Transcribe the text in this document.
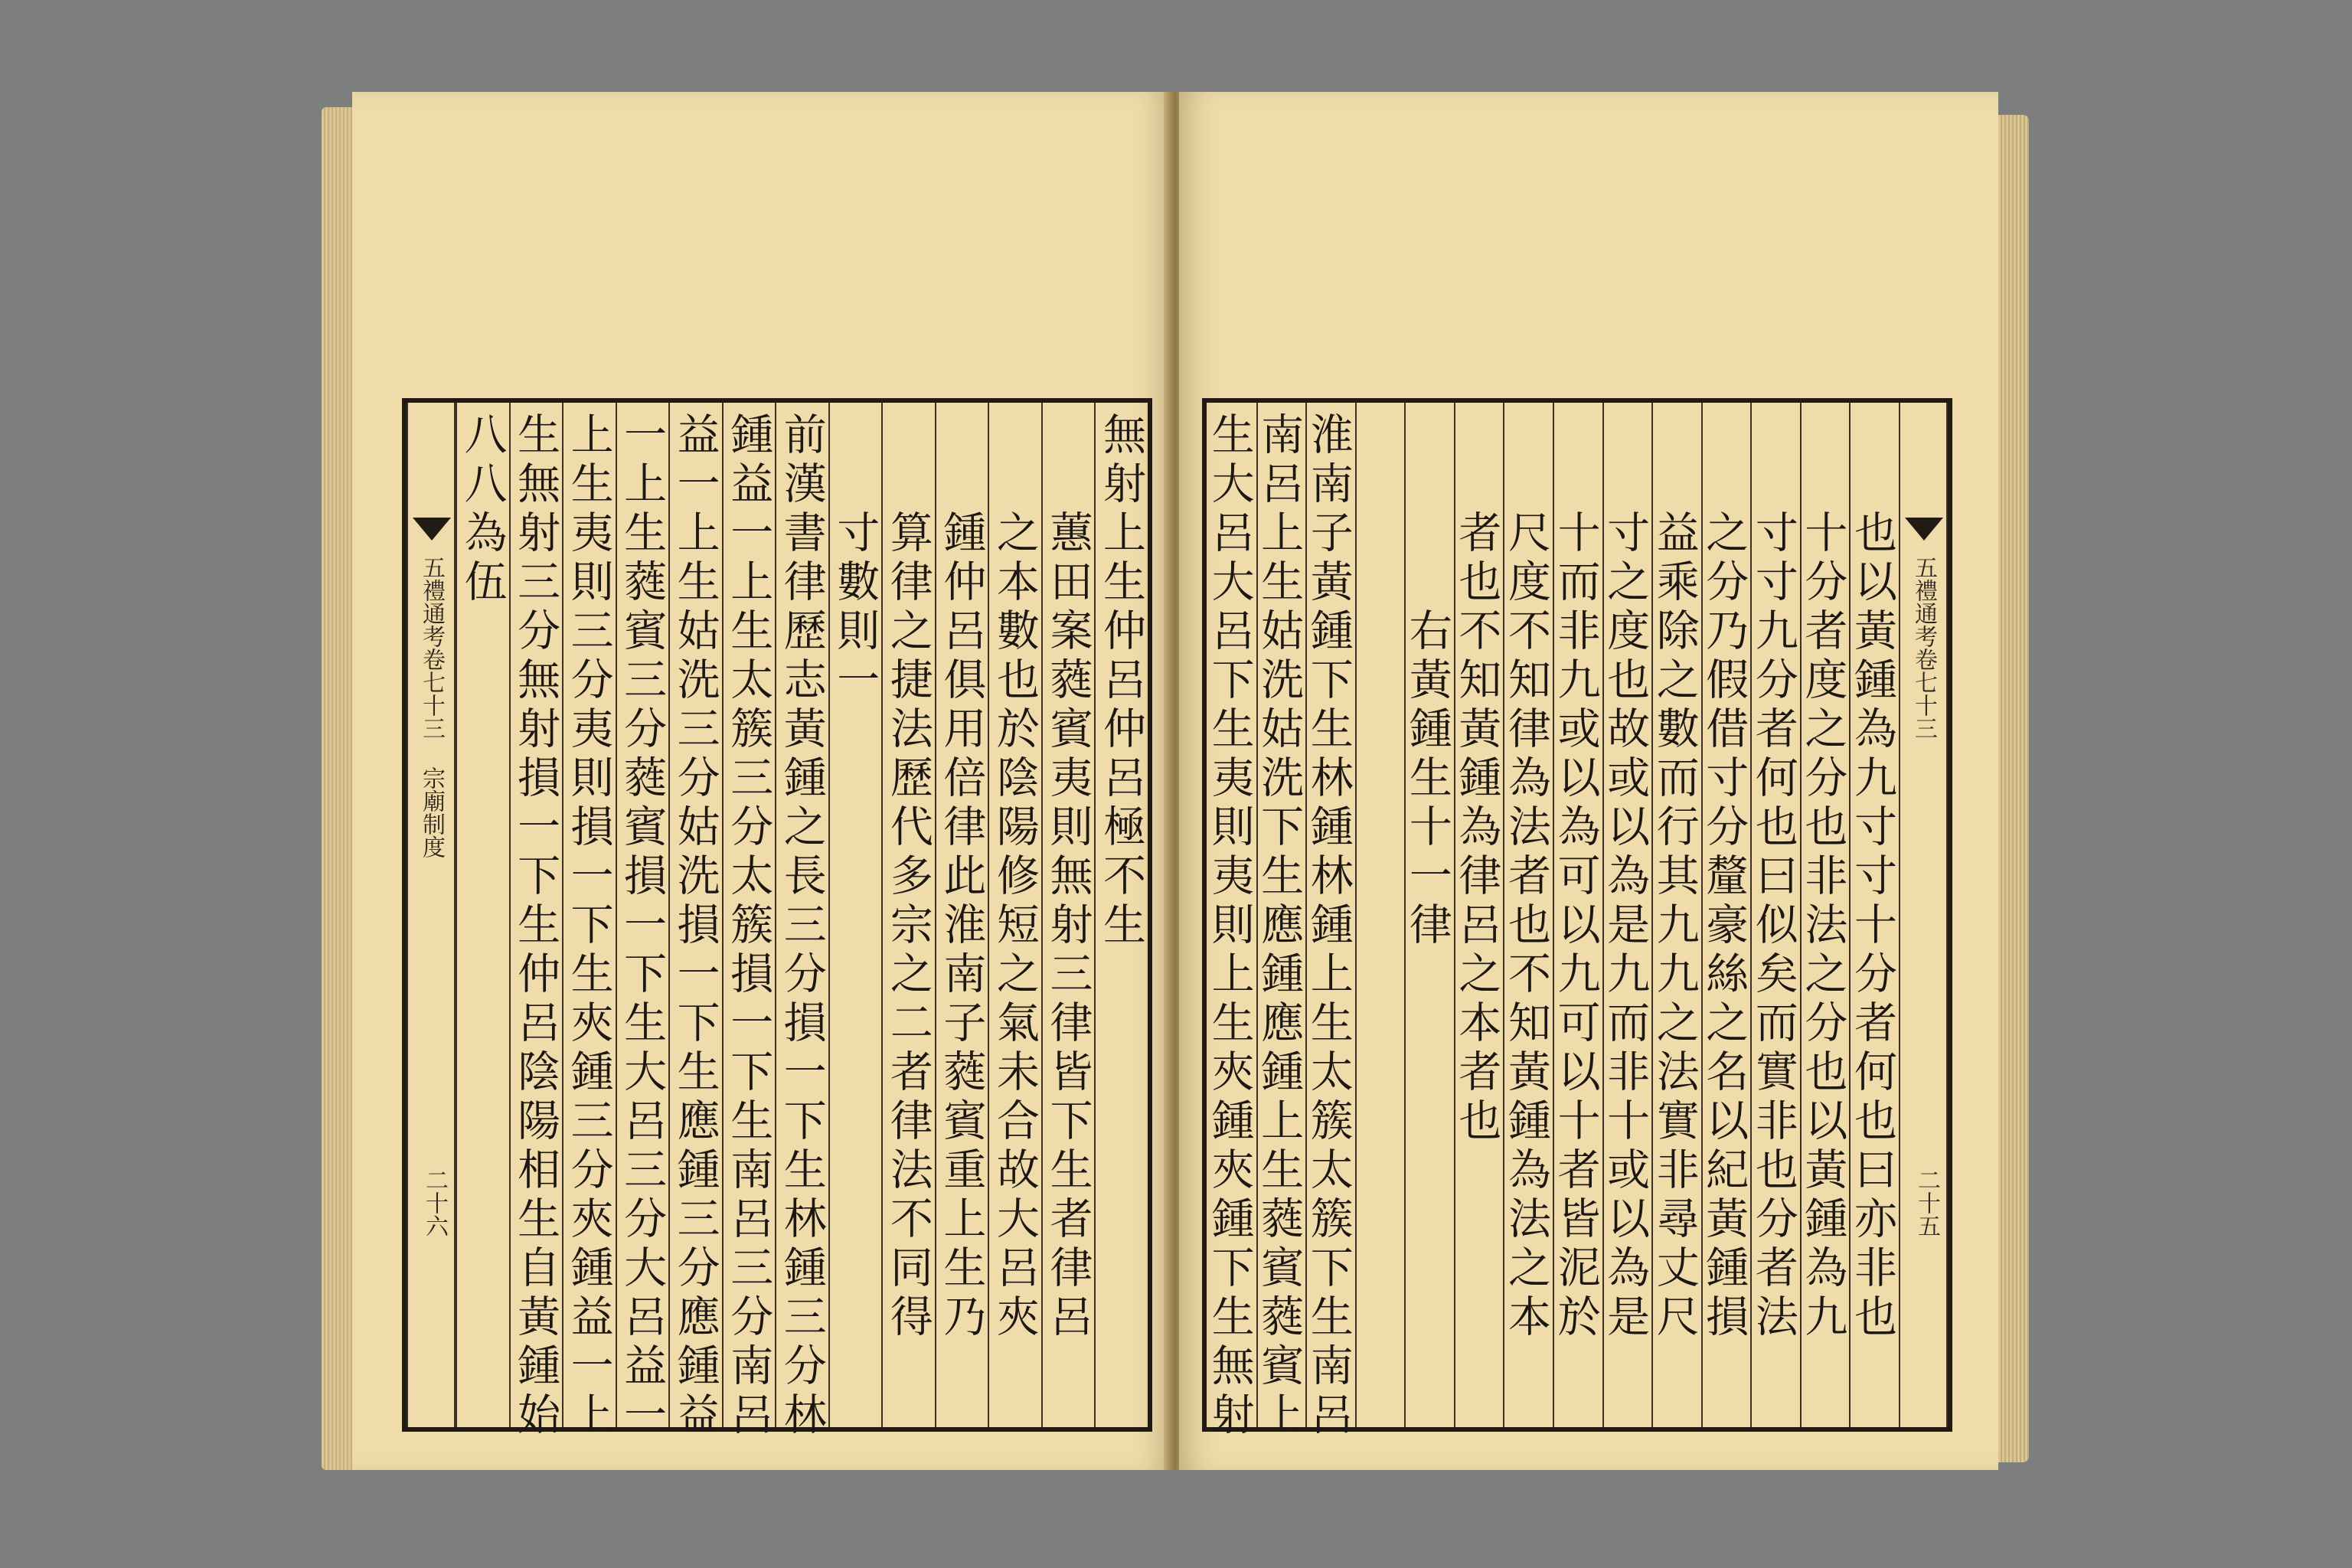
五禮通考卷七十三 宗廟制度
二十六
八八為伍 生無射三分無射損一下生仲呂陰陽相生自黃鍾始 上生夷則三分夷則損一下生夾鍾三分夾鍾益一上 一上生蕤賓三分蕤賓損一下生大呂三分大呂益一 益一上生姑洗三分姑洗損一下生應鍾三分應鍾益 鍾益一上生太簇三分太簇損一下生南呂三分南呂 前漢書律歷志黃鍾之長三分損一下生林鍾三分林 寸數則一 算律之捷法歷代多宗之二者律法不同得 鍾仲呂俱用倍律此淮南子蕤賓重上生乃 之本數也於陰陽修短之氣未合故大呂夾 蕙田案蕤賓夷則無射三律皆下生者律呂 無射上生仲呂仲呂極不生	五禮通考卷七十三
二十五
生大呂大呂下生夷則夷則上生夾鍾夾鍾下生無射 南呂上生姑洗姑洗下生應鍾應鍾上生蕤賓蕤賓上 淮南子黃鍾下生林鍾林鍾上生太簇太簇下生南呂 右黃鍾生十一律 者也不知黃鍾為律呂之本者也 尺度不知律為法者也不知黃鍾為法之本 十而非九或以為可以九可以十者皆泥於 寸之度也故或以為是九而非十或以為是 益乘除之數而行其九九之法實非尋丈尺 之分乃假借寸分釐豪絲之名以紀黃鍾損 寸寸九分者何也曰似矣而實非也分者法 十分者度之分也非法之分也以黃鍾為九 也以黃鍾為九寸寸十分者何也曰亦非也
